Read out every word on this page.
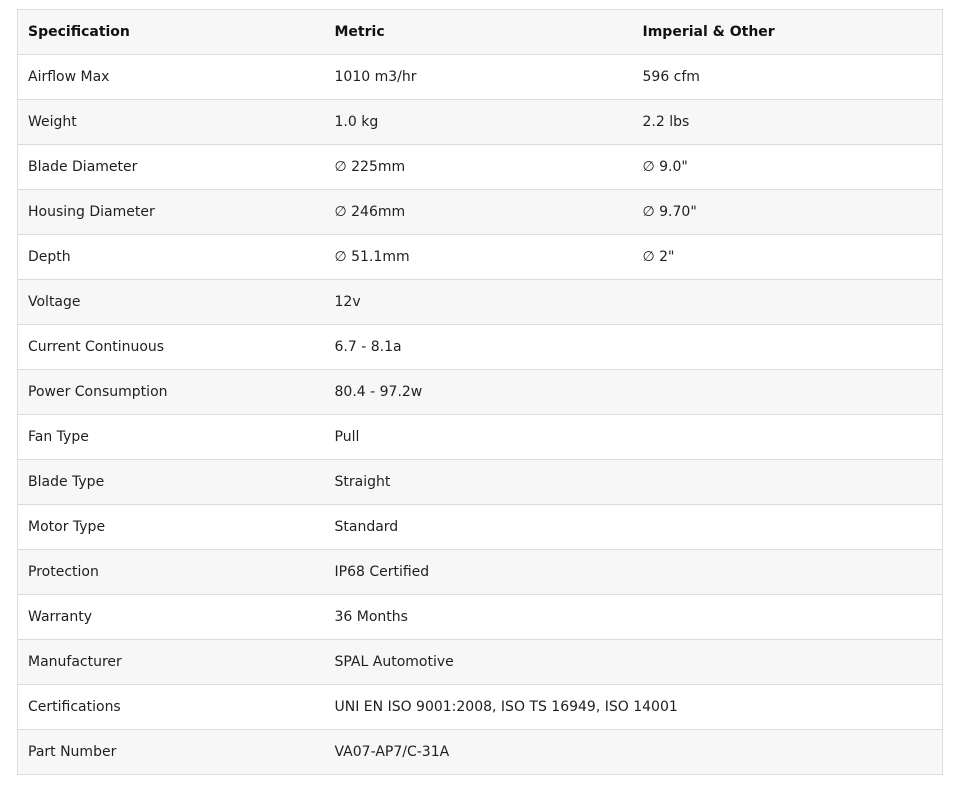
Specification	Metric	Imperial & Other
Airflow Max	1010 m3/hr	596 cfm
Weight	1.0 kg	2.2 lbs
Blade Diameter	∅ 225mm	∅ 9.0"
Housing Diameter	∅ 246mm	∅ 9.70"
Depth	∅ 51.1mm	∅ 2"
Voltage	12v	
Current Continuous	6.7 - 8.1a	
Power Consumption	80.4 - 97.2w	
Fan Type	Pull	
Blade Type	Straight	
Motor Type	Standard	
Protection	IP68 Certified	
Warranty	36 Months	
Manufacturer	SPAL Automotive	
Certifications	UNI EN ISO 9001:2008, ISO TS 16949, ISO 14001	
Part Number	VA07-AP7/C-31A	
